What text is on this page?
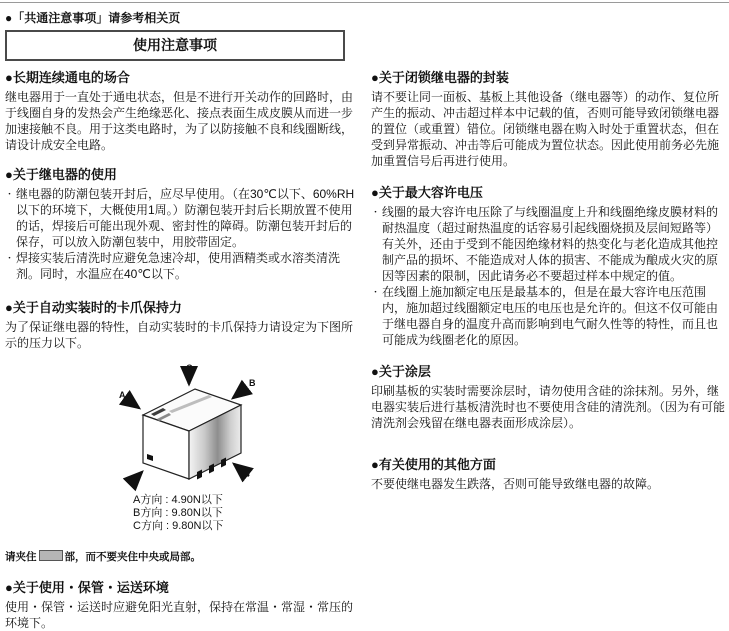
●「共通注意事项」请参考相关页
使用注意事项
●长期连续通电的场合

继电器用于一直处于通电状态，但是不进行开关动作的回路时，由于线圈自身的发热会产生绝缘恶化、接点表面生成皮膜从而进一步加速接触不良。用于这类电路时，为了以防接触不良和线圈断线，请设计成安全电路。

●关于继电器的使用
・ 继电器的防潮包装开封后，应尽早使用。（在30℃以下、60%RH以下的环境下，大概使用1周。）防潮包装开封后长期放置不使用的话，焊接后可能出现外观、密封性的障碍。防潮包装开封后的保存，可以放入防潮包装中，用胶带固定。
・ 焊接实装后清洗时应避免急速冷却，使用酒精类或水溶类清洗剂。同时，水温应在40℃以下。
●关于自动实装时的卡爪保持力

为了保证继电器的特性，自动实装时的卡爪保持力请设定为下图所示的压力以下。

A
C
B
A方向 : 4.90N以下
B方向 : 9.80N以下
C方向 : 9.80N以下
请夹住	部，而不要夹住中央或局部。
●关于使用・保管・运送环境

使用・保管・运送时应避免阳光直射，保持在常温・常湿・常压的环境下。

●关于闭锁继电器的封装

请不要让同一面板、基板上其他设备（继电器等）的动作、复位所产生的振动、冲击超过样本中记载的值，否则可能导致闭锁继电器的置位（或重置）错位。闭锁继电器在购入时处于重置状态，但在受到异常振动、冲击等后可能成为置位状态。因此使用前务必先施加重置信号后再进行使用。

●关于最大容许电压
・ 线圈的最大容许电压除了与线圈温度上升和线圈绝缘皮膜材料的耐热温度（超过耐热温度的话容易引起线圈烧损及层间短路等）有关外，还由于受到不能因绝缘材料的热变化与老化造成其他控制产品的损坏、不能造成对人体的损害、不能成为酿成火灾的原因等因素的限制，因此请务必不要超过样本中规定的值。
・ 在线圈上施加额定电压是最基本的，但是在最大容许电压范围内，施加超过线圈额定电压的电压也是允许的。但这不仅可能由于继电器自身的温度升高而影响到电气耐久性等的特性，而且也可能成为线圈老化的原因。
●关于涂层

印刷基板的实装时需要涂层时，请勿使用含硅的涂抹剂。另外，继电器实装后进行基板清洗时也不要使用含硅的清洗剂。（因为有可能清洗剂会残留在继电器表面形成涂层）。

●有关使用的其他方面

不要使继电器发生跌落，否则可能导致继电器的故障。
